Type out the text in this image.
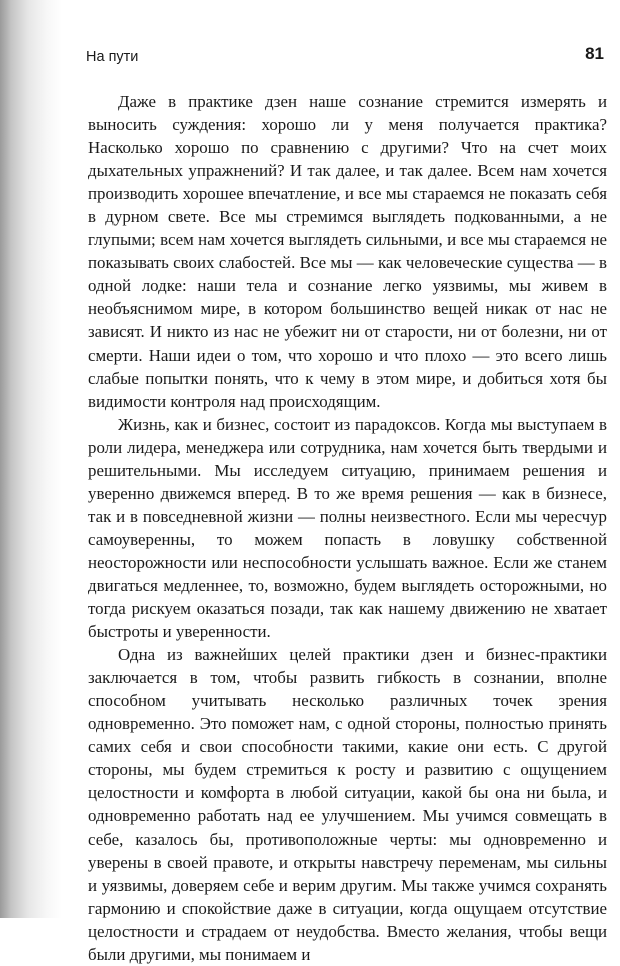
На пути	81

Даже в практике дзен наше сознание стремится измерять и выносить суждения: хорошо ли у меня получается практика? Насколько хорошо по сравнению с другими? Что на счет моих дыхательных упражнений? И так далее, и так далее. Всем нам хочется производить хорошее впечатление, и все мы стараемся не показать себя в дурном свете. Все мы стремимся выглядеть подкованными, а не глупыми; всем нам хочется выглядеть сильными, и все мы стараемся не показывать своих слабостей. Все мы — как человеческие существа — в одной лодке: наши тела и сознание легко уязвимы, мы живем в необъяснимом мире, в котором большинство вещей никак от нас не зависят. И никто из нас не убежит ни от старости, ни от болезни, ни от смерти. Наши идеи о том, что хорошо и что плохо — это всего лишь слабые попытки понять, что к чему в этом мире, и добиться хотя бы видимости контроля над происходящим.

Жизнь, как и бизнес, состоит из парадоксов. Когда мы выступаем в роли лидера, менеджера или сотрудника, нам хочется быть твердыми и решительными. Мы исследуем ситуацию, принимаем решения и уверенно движемся вперед. В то же время решения — как в бизнесе, так и в повседневной жизни — полны неизвестного. Если мы чересчур самоуверенны, то можем попасть в ловушку собственной неосторожности или неспособности услышать важное. Если же станем двигаться медленнее, то, возможно, будем выглядеть осторожными, но тогда рискуем оказаться позади, так как нашему движению не хватает быстроты и уверенности.

Одна из важнейших целей практики дзен и бизнес-практики заключается в том, чтобы развить гибкость в сознании, вполне способном учитывать несколько различных точек зрения одновременно. Это поможет нам, с одной стороны, полностью принять самих себя и свои способности такими, какие они есть. С другой стороны, мы будем стремиться к росту и развитию с ощущением целостности и комфорта в любой ситуации, какой бы она ни была, и одновременно работать над ее улучшением. Мы учимся совмещать в себе, казалось бы, противоположные черты: мы одновременно и уверены в своей правоте, и открыты навстречу переменам, мы сильны и уязвимы, доверяем себе и верим другим. Мы также учимся сохранять гармонию и спокойствие даже в ситуации, когда ощущаем отсутствие целостности и страдаем от неудобства. Вместо желания, чтобы вещи были другими, мы понимаем и
